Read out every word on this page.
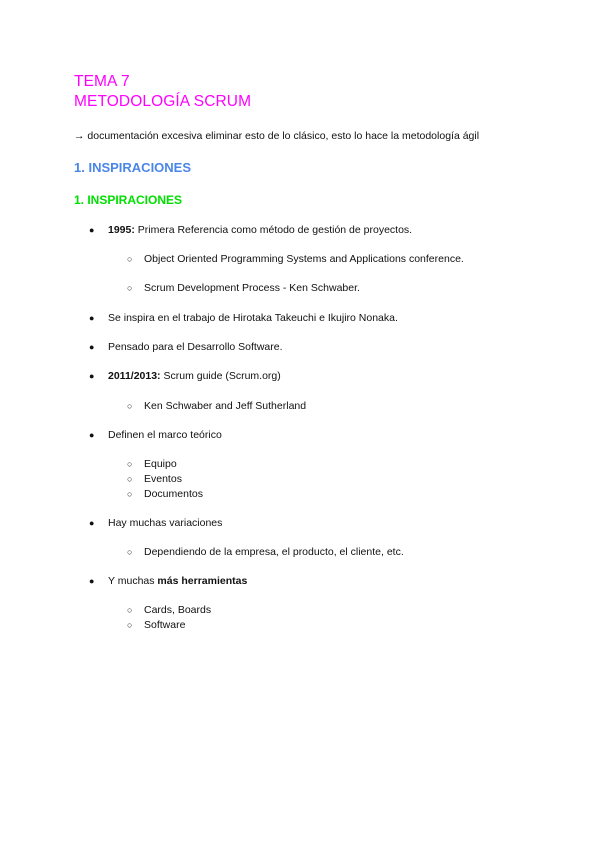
TEMA 7
METODOLOGÍA SCRUM

→ documentación excesiva eliminar esto de lo clásico, esto lo hace la metodología ágil

1. INSPIRACIONES
1. INSPIRACIONES
● 1995: Primera Referencia como método de gestión de proyectos.

○ Object Oriented Programming Systems and Applications conference.

○ Scrum Development Process - Ken Schwaber.

● Se inspira en el trabajo de Hirotaka Takeuchi e Ikujiro Nonaka.

● Pensado para el Desarrollo Software.

● 2011/2013: Scrum guide (Scrum.org)

○ Ken Schwaber and Jeff Sutherland

● Definen el marco teórico

○ Equipo

○ Eventos

○ Documentos

● Hay muchas variaciones

○ Dependiendo de la empresa, el producto, el cliente, etc.

● Y muchas más herramientas

○ Cards, Boards

○ Software
